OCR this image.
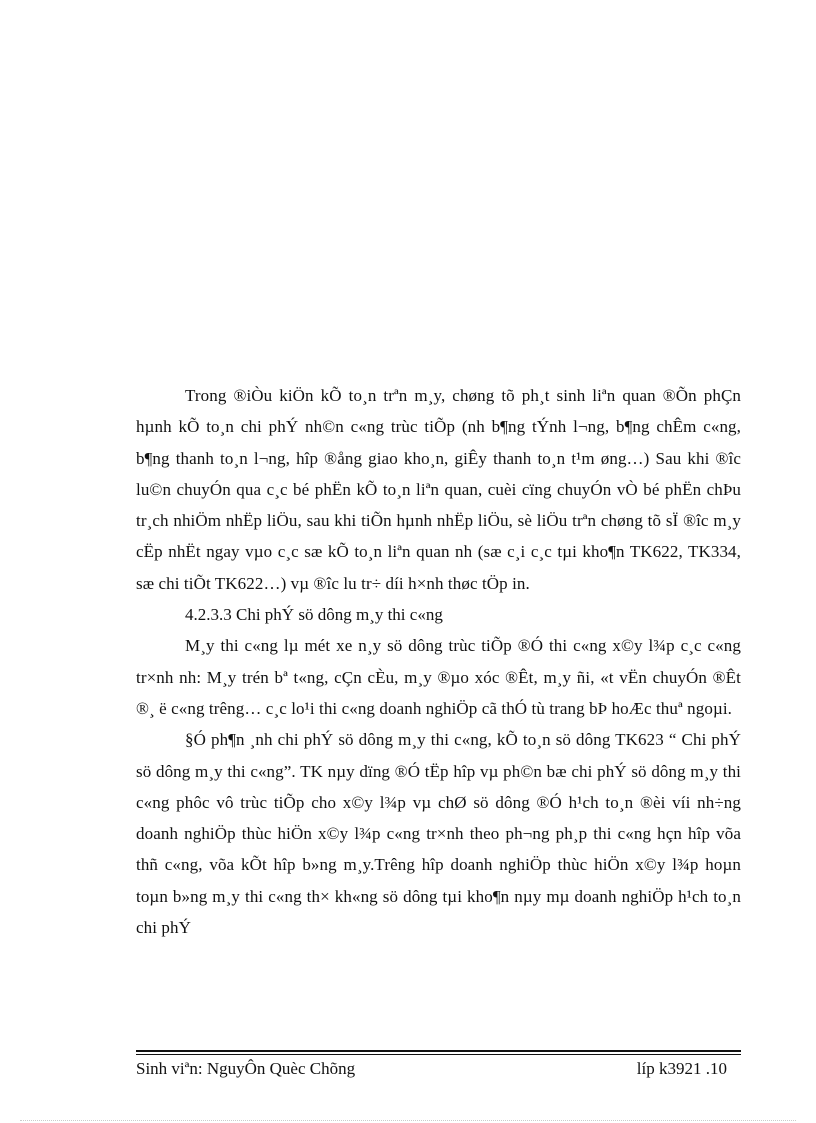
Trong ®iÒu kiÖn kÕ to¸n trªn m¸y, chøng tõ ph¸t sinh liªn quan ®Õn phÇn hµnh kÕ to¸n chi phÝ nh©n c«ng trùc tiÕp (nh b¶ng tÝnh l¬ng, b¶ng chÊm c«ng, b¶ng thanh to¸n l¬ng, hîp ®ång giao kho¸n, giÊy thanh to¸n t¹m øng…) Sau khi ®îc lu©n chuyÓn qua c¸c bé phËn kÕ to¸n liªn quan, cuèi cïng chuyÓn vÒ bé phËn chÞu tr¸ch nhiÖm nhËp liÖu, sau khi tiÕn hµnh nhËp liÖu, sè liÖu trªn chøng tõ sÏ ®îc m¸y cËp nhËt ngay vµo c¸c sæ kÕ to¸n liªn quan nh (sæ c¸i c¸c tµi kho¶n TK622, TK334, sæ chi tiÕt TK622…) vµ ®îc lu tr÷ díi h×nh thøc tÖp in.

4.2.3.3 Chi phÝ sö dông m¸y thi c«ng

M¸y thi c«ng lµ mét xe n¸y sö dông trùc tiÕp ®Ó thi c«ng x©y l¾p c¸c c«ng tr×nh nh: M¸y trén bª t«ng, cÇn cÈu, m¸y ®µo xóc ®Êt, m¸y ñi, «t vËn chuyÓn ®Êt ®¸ ë c«ng trêng… c¸c lo¹i thi c«ng doanh nghiÖp cã thÓ tù trang bÞ hoÆc thuª ngoµi.

§Ó ph¶n ¸nh chi phÝ sö dông m¸y thi c«ng, kÕ to¸n sö dông TK623 “ Chi phÝ sö dông m¸y thi c«ng”. TK nµy dïng ®Ó tËp hîp vµ ph©n bæ chi phÝ sö dông m¸y thi c«ng phôc vô trùc tiÕp cho x©y l¾p vµ chØ sö dông ®Ó h¹ch to¸n ®èi víi nh÷ng doanh nghiÖp thùc hiÖn x©y l¾p c«ng tr×nh theo ph¬ng ph¸p thi c«ng hçn hîp võa thñ c«ng, võa kÕt hîp b»ng m¸y.Trêng hîp doanh nghiÖp thùc hiÖn x©y l¾p hoµn toµn b»ng m¸y thi c«ng th× kh«ng sö dông tµi kho¶n nµy mµ doanh nghiÖp h¹ch to¸n chi phÝ

Sinh viªn: NguyÔn Quèc Chõng	líp k3921 .10
